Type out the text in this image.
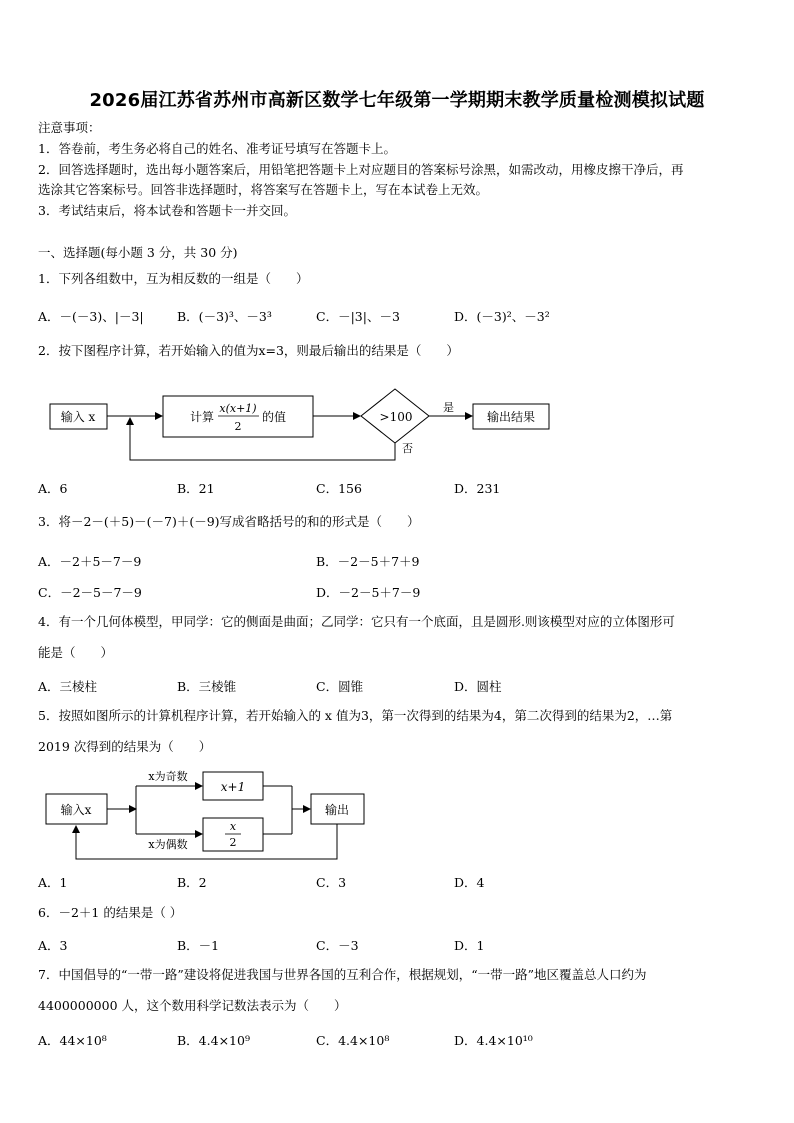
2026届江苏省苏州市高新区数学七年级第一学期期末教学质量检测模拟试题
注意事项：
1．答卷前，考生务必将自己的姓名、准考证号填写在答题卡上。
2．回答选择题时，选出每小题答案后，用铅笔把答题卡上对应题目的答案标号涂黑，如需改动，用橡皮擦干净后，再
选涂其它答案标号。回答非选择题时，将答案写在答题卡上，写在本试卷上无效。
3．考试结束后，将本试卷和答题卡一并交回。
一、选择题(每小题 3 分，共 30 分)
1．下列各组数中，互为相反数的一组是（　　）
A．－(－3)、|－3|	B．(－3)³、－3³	C．－|3|、－3	D．(－3)²、－3²
2．按下图程序计算，若开始输入的值为x=3，则最后输出的结果是（　　）
输入 x	计算
x(x+1)
2
的值	>100
是
输出结果
否
A．6	B．21	C．156	D．231
3．将－2－(＋5)－(－7)＋(－9)写成省略括号的和的形式是（　　）
A．－2＋5－7－9	B．－2－5＋7＋9
C．－2－5－7－9	D．－2－5＋7－9
4．有一个几何体模型，甲同学：它的侧面是曲面；乙同学：它只有一个底面，且是圆形.则该模型对应的立体图形可
能是（　　）
A．三棱柱	B．三棱锥	C．圆锥	D．圆柱
5．按照如图所示的计算机程序计算，若开始输入的 x 值为3，第一次得到的结果为4，第二次得到的结果为2，…第
2019 次得到的结果为（　　）
输入x
x为奇数
x为偶数
x+1
x
2
输出
A．1	B．2	C．3	D．4
6．－2＋1 的结果是（ ）
A．3	B．－1	C．－3	D．1
7．中国倡导的“一带一路”建设将促进我国与世界各国的互利合作，根据规划，“一带一路”地区覆盖总人口约为
4400000000 人，这个数用科学记数法表示为（　　）
A．44×10⁸	B．4.4×10⁹	C．4.4×10⁸	D．4.4×10¹⁰
